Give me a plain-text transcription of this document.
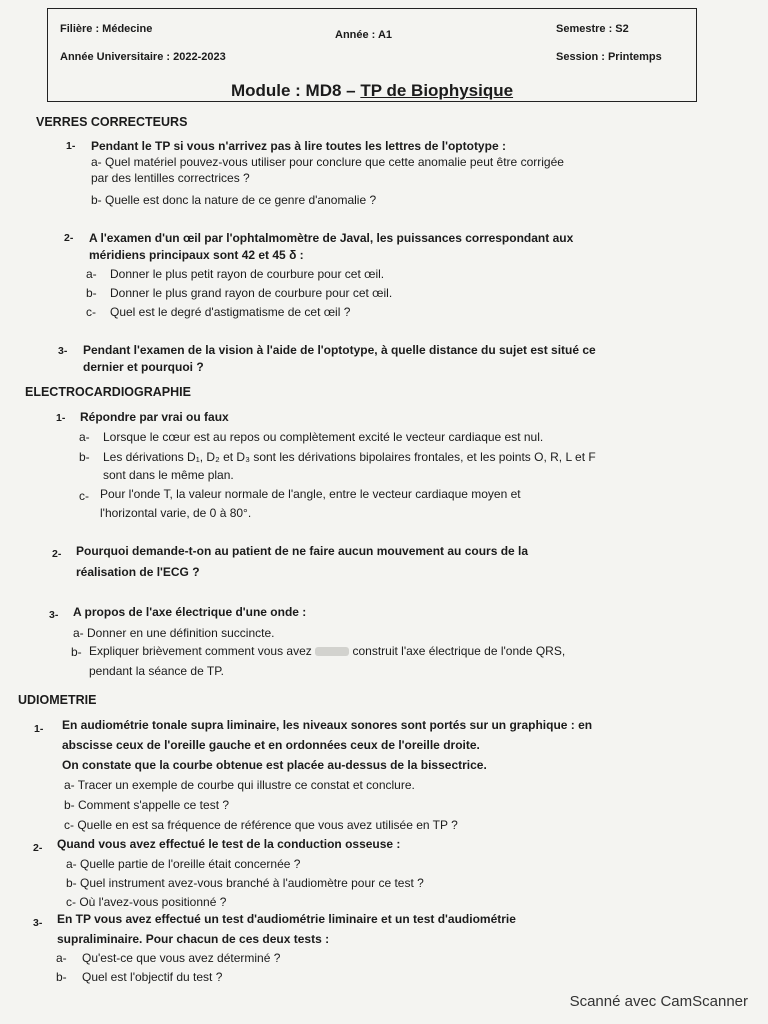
Filière : Médecine	Année : A1	Semestre : S2
Année Universitaire : 2022-2023	Session : Printemps
Module : MD8 – TP de Biophysique
VERRES CORRECTEURS
1- Pendant le TP si vous n'arrivez pas à lire toutes les lettres de l'optotype :
a- Quel matériel pouvez-vous utiliser pour conclure que cette anomalie peut être corrigée
par des lentilles correctrices ?
b- Quelle est donc la nature de ce genre d'anomalie ?
2- A l'examen d'un œil par l'ophtalmomètre de Javal, les puissances correspondant aux
méridiens principaux sont 42 et 45 δ :
a- Donner le plus petit rayon de courbure pour cet œil.
b- Donner le plus grand rayon de courbure pour cet œil.
c- Quel est le degré d'astigmatisme de cet œil ?
3- Pendant l'examen de la vision à l'aide de l'optotype, à quelle distance du sujet est situé ce
dernier et pourquoi ?
ELECTROCARDIOGRAPHIE
1- Répondre par vrai ou faux
a- Lorsque le cœur est au repos ou complètement excité le vecteur cardiaque est nul.
b- Les dérivations D₁, D₂ et D₃ sont les dérivations bipolaires frontales, et les points O, R, L et F
sont dans le même plan.
c- Pour l'onde T, la valeur normale de l'angle, entre le vecteur cardiaque moyen et
l'horizontal varie, de 0 à 80°.
2- Pourquoi demande-t-on au patient de ne faire aucun mouvement au cours de la
réalisation de l'ECG ?
3- A propos de l'axe électrique d'une onde :
a- Donner en une définition succincte.
b- Expliquer brièvement comment vous avez	construit l'axe électrique de l'onde QRS,
pendant la séance de TP.
UDIOMETRIE
1- En audiométrie tonale supra liminaire, les niveaux sonores sont portés sur un graphique : en
abscisse ceux de l'oreille gauche et en ordonnées ceux de l'oreille droite.
On constate que la courbe obtenue est placée au-dessus de la bissectrice.
a- Tracer un exemple de courbe qui illustre ce constat et conclure.
b- Comment s'appelle ce test ?
c- Quelle en est sa fréquence de référence que vous avez utilisée en TP ?
2- Quand vous avez effectué le test de la conduction osseuse :
a- Quelle partie de l'oreille était concernée ?
b- Quel instrument avez-vous branché à l'audiomètre pour ce test ?
c- Où l'avez-vous positionné ?
3- En TP vous avez effectué un test d'audiométrie liminaire et un test d'audiométrie
supraliminaire. Pour chacun de ces deux tests :
a- Qu'est-ce que vous avez déterminé ?
b- Quel est l'objectif du test ?
Scanné avec CamScanner
